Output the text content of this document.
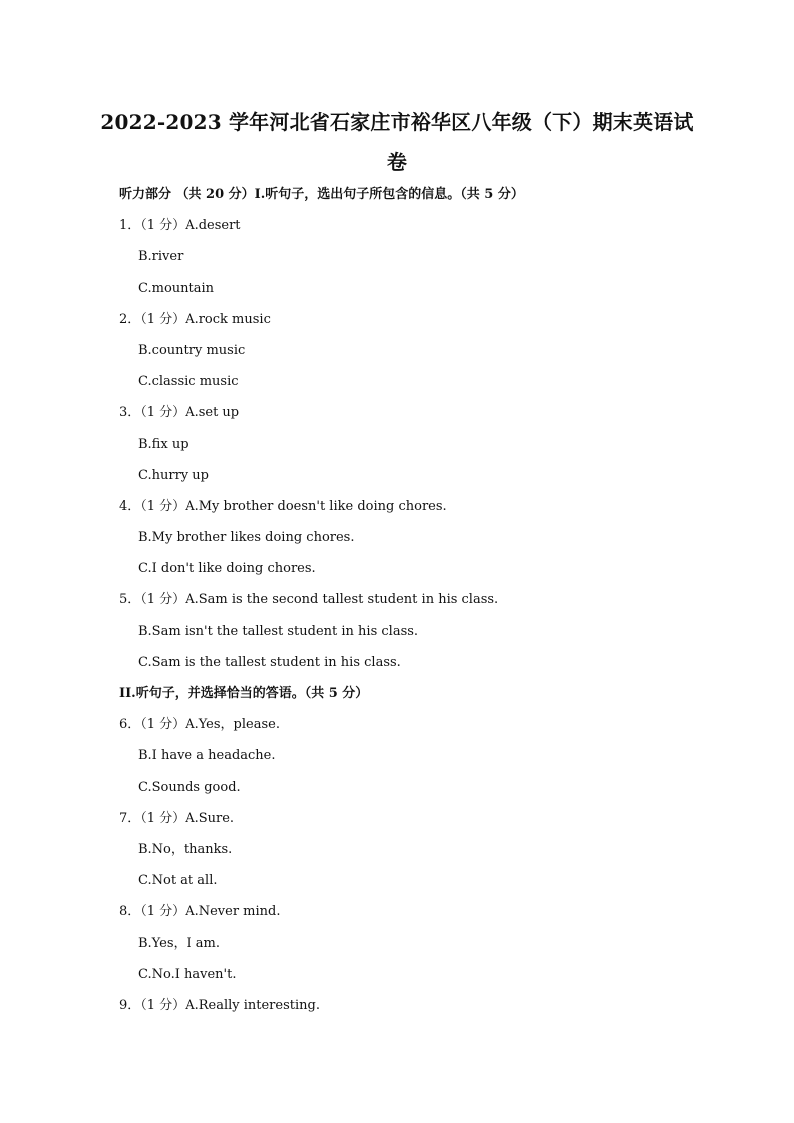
2022-2023 学年河北省石家庄市裕华区八年级（下）期末英语试
卷
听力部分 （共 20 分）I.听句子，选出句子所包含的信息。（共 5 分）
1．（1 分）A.desert
B.river
C.mountain
2．（1 分）A.rock music
B.country music
C.classic music
3．（1 分）A.set up
B.fix up
C.hurry up
4．（1 分）A.My brother doesn't like doing chores.
B.My brother likes doing chores.
C.I don't like doing chores.
5．（1 分）A.Sam is the second tallest student in his class.
B.Sam isn't the tallest student in his class.
C.Sam is the tallest student in his class.
II.听句子，并选择恰当的答语。（共 5 分）
6．（1 分）A.Yes，please.
B.I have a headache.
C.Sounds good.
7．（1 分）A.Sure.
B.No，thanks.
C.Not at all.
8．（1 分）A.Never mind.
B.Yes，I am.
C.No.I haven't.
9．（1 分）A.Really interesting.
